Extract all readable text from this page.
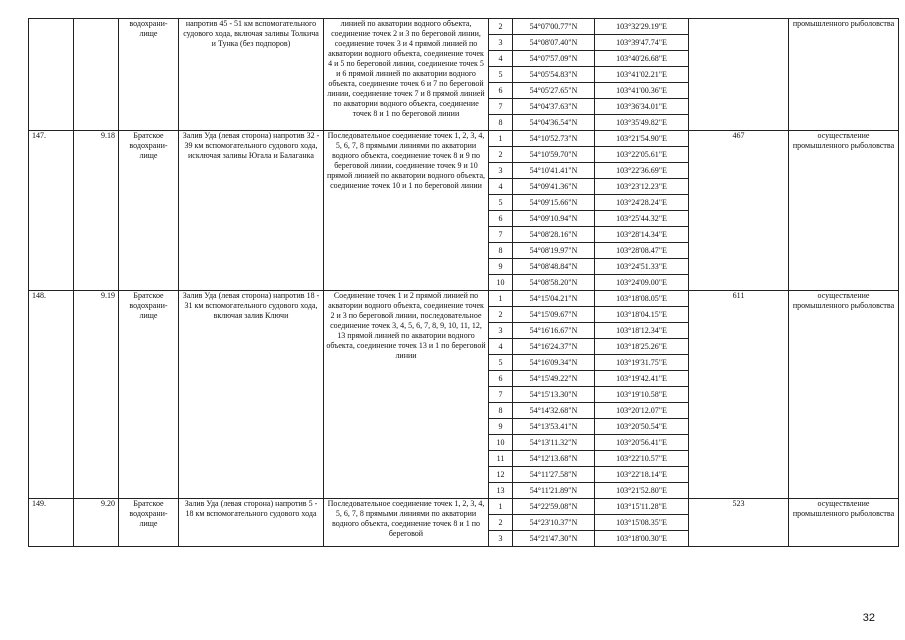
		водохрани-лище	напротив 45 - 51 км вспомогательного судового хода, включая заливы Толкича и Тунка (без подпоров)	линией по акватории водного объекта, соединение точек 2 и 3 по береговой линии, соединение точек 3 и 4 прямой линией по акватории водного объекта, соединение точек 4 и 5 по береговой линии, соединение точек 5 и 6 прямой линией по акватории водного объекта, соединение точек 6 и 7 по береговой линии, соединение точек 7 и 8 прямой линией по акватории водного объекта, соединение точек 8 и 1 по береговой линии	2	54°07'00.77"N	103°32'29.19"E		промышленного рыболовства
					3	54°08'07.40"N	103°39'47.74"E		
					4	54°07'57.09"N	103°40'26.68"E		
					5	54°05'54.83"N	103°41'02.21"E		
					6	54°05'27.65"N	103°41'00.36"E		
					7	54°04'37.63"N	103°36'34.01"E		
					8	54°04'36.54"N	103°35'49.82"E		
147.	9.18	Братское водохрани-лище	Залив Уда (левая сторона) напротив 32 - 39 км вспомогательного судового хода, исключая заливы Югала и Балаганка	Последовательное соединение точек 1, 2, 3, 4, 5, 6, 7, 8 прямыми линиями по акватории водного объекта, соединение точек 8 и 9 по береговой линии, соединение точек 9 и 10 прямой линией по акватории водного объекта, соединение точек 10 и 1 по береговой линии	1	54°10'52.73"N	103°21'54.90"E	467	осуществление промышленного рыболовства
					2	54°10'59.70"N	103°22'05.61"E		
					3	54°10'41.41"N	103°22'36.69"E		
					4	54°09'41.36"N	103°23'12.23"E		
					5	54°09'15.66"N	103°24'28.24"E		
					6	54°09'10.94"N	103°25'44.32"E		
					7	54°08'28.16"N	103°28'14.34"E		
					8	54°08'19.97"N	103°28'08.47"E		
					9	54°08'48.84"N	103°24'51.33"E		
					10	54°08'58.20"N	103°24'09.00"E		
148.	9.19	Братское водохрани-лище	Залив Уда (левая сторона) напротив 18 - 31 км вспомогательного судового хода, включая залив Ключи	Соединение точек 1 и 2 прямой линией по акватории водного объекта, соединение точек 2 и 3 по береговой линии, последовательное соединение точек 3, 4, 5, 6, 7, 8, 9, 10, 11, 12, 13 прямой линией по акватории водного объекта, соединение точек 13 и 1 по береговой линии	1	54°15'04.21"N	103°18'08.05"E	611	осуществление промышленного рыболовства
					2	54°15'09.67"N	103°18'04.15"E		
					3	54°16'16.67"N	103°18'12.34"E		
					4	54°16'24.37"N	103°18'25.26"E		
					5	54°16'09.34"N	103°19'31.75"E		
					6	54°15'49.22"N	103°19'42.41"E		
					7	54°15'13.30"N	103°19'10.58"E		
					8	54°14'32.68"N	103°20'12.07"E		
					9	54°13'53.41"N	103°20'50.54"E		
					10	54°13'11.32"N	103°20'56.41"E		
					11	54°12'13.68"N	103°22'10.57"E		
					12	54°11'27.58"N	103°22'18.14"E		
					13	54°11'21.89"N	103°21'52.80"E		
149.	9.20	Братское водохрани-лище	Залив Уда (левая сторона) напротив 5 - 18 км вспомогательного судового хода	Последовательное соединение точек 1, 2, 3, 4, 5, 6, 7, 8 прямыми линиями по акватории водного объекта, соединение точек 8 и 1 по береговой	1	54°22'59.08"N	103°15'11.28"E	523	осуществление промышленного рыболовства
					2	54°23'10.37"N	103°15'08.35"E		
					3	54°21'47.30"N	103°18'00.30"E		
32
